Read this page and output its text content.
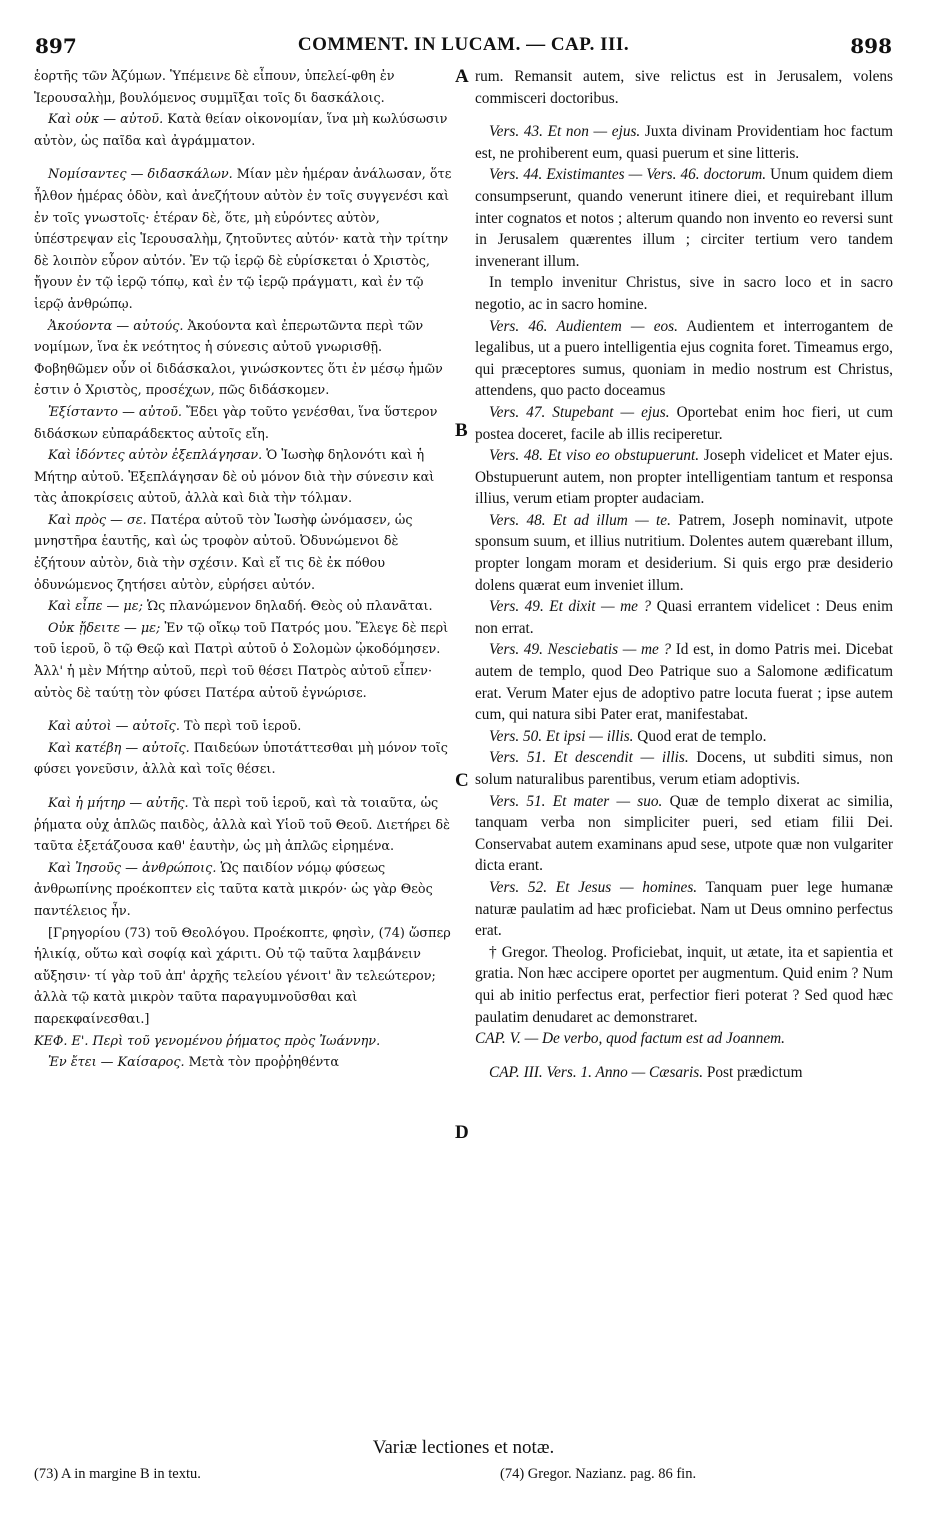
897	COMMENT. IN LUCAM. — CAP. III.	898

ἑορτῆς τῶν Ἀζύμων. Ὑπέμεινε δὲ εἶπουν, ὑπελεί-φθη ἐν Ἱερουσαλὴμ, βουλόμενος συμμῖξαι τοῖς δι δασκάλοις.

Καὶ οὐκ — αὐτοῦ. Κατὰ θείαν οἰκονομίαν, ἵνα μὴ κωλύσωσιν αὐτὸν, ὡς παῖδα καὶ ἀγράμματον.

Νομίσαντες — διδασκάλων. Μίαν μὲν ἡμέραν ἀνάλωσαν, ὅτε ἦλθον ἡμέρας ὁδὸν, καὶ ἀνεζήτουν αὐτὸν ἐν τοῖς συγγενέσι καὶ ἐν τοῖς γνωστοῖς· ἑτέραν δὲ, ὅτε, μὴ εὑρόντες αὐτὸν, ὑπέστρεψαν εἰς Ἱερουσαλὴμ, ζητοῦντες αὐτόν· κατὰ τὴν τρίτην δὲ λοιπὸν εὗρον αὐτόν. Ἐν τῷ ἱερῷ δὲ εὑρίσκεται ὁ Χριστὸς, ἤγουν ἐν τῷ ἱερῷ τόπῳ, καὶ ἐν τῷ ἱερῷ πράγματι, καὶ ἐν τῷ ἱερῷ ἀνθρώπῳ.

Ἀκούοντα — αὐτούς. Ἀκούοντα καὶ ἐπερωτῶντα περὶ τῶν νομίμων, ἵνα ἐκ νεότητος ἡ σύνεσις αὐτοῦ γνωρισθῇ. Φοβηθῶμεν οὖν οἱ διδάσκαλοι, γινώσκοντες ὅτι ἐν μέσῳ ἡμῶν ἐστιν ὁ Χριστὸς, προσέχων, πῶς διδάσκομεν.

Ἐξίσταντο — αὐτοῦ. Ἔδει γὰρ τοῦτο γενέσθαι, ἵνα ὕστερον διδάσκων εὐπαράδεκτος αὐτοῖς εἴη.

Καὶ ἰδόντες αὐτὸν ἐξεπλάγησαν. Ὁ Ἰωσὴφ δηλονότι καὶ ἡ Μήτηρ αὐτοῦ. Ἐξεπλάγησαν δὲ οὐ μόνον διὰ τὴν σύνεσιν καὶ τὰς ἀποκρίσεις αὐτοῦ, ἀλλὰ καὶ διὰ τὴν τόλμαν.

Καὶ πρὸς — σε. Πατέρα αὐτοῦ τὸν Ἰωσὴφ ὠνόμασεν, ὡς μνηστῆρα ἑαυτῆς, καὶ ὡς τροφὸν αὐτοῦ. Ὀδυνώμενοι δὲ ἐζήτουν αὐτὸν, διὰ τὴν σχέσιν. Καὶ εἴ τις δὲ ἐκ πόθου ὀδυνώμενος ζητήσει αὐτὸν, εὑρήσει αὐτόν.

Καὶ εἶπε — με; Ὡς πλανώμενον δηλαδή. Θεὸς οὐ πλανᾶται.

Οὐκ ᾔδειτε — με; Ἐν τῷ οἴκῳ τοῦ Πατρός μου. Ἔλεγε δὲ περὶ τοῦ ἱεροῦ, ὃ τῷ Θεῷ καὶ Πατρὶ αὐτοῦ ὁ Σολομὼν ᾠκοδόμησεν. Ἀλλ' ἡ μὲν Μήτηρ αὐτοῦ, περὶ τοῦ θέσει Πατρὸς αὐτοῦ εἶπεν· αὐτὸς δὲ ταύτῃ τὸν φύσει Πατέρα αὐτοῦ ἐγνώρισε.

Καὶ αὐτοὶ — αὐτοῖς. Τὸ περὶ τοῦ ἱεροῦ.

Καὶ κατέβη — αὐτοῖς. Παιδεύων ὑποτάττεσθαι μὴ μόνον τοῖς φύσει γονεῦσιν, ἀλλὰ καὶ τοῖς θέσει.

Καὶ ἡ μήτηρ — αὐτῆς. Τὰ περὶ τοῦ ἱεροῦ, καὶ τὰ τοιαῦτα, ὡς ῥήματα οὐχ ἁπλῶς παιδὸς, ἀλλὰ καὶ Υἱοῦ τοῦ Θεοῦ. Διετήρει δὲ ταῦτα ἐξετάζουσα καθ' ἑαυτὴν, ὡς μὴ ἁπλῶς εἰρημένα.

Καὶ Ἰησοῦς — ἀνθρώποις. Ὡς παιδίον νόμῳ φύσεως ἀνθρωπίνης προέκοπτεν εἰς ταῦτα κατὰ μικρόν· ὡς γὰρ Θεὸς παντέλειος ἦν.

[Γρηγορίου (73) τοῦ Θεολόγου. Προέκοπτε, φησὶν, (74) ὥσπερ ἡλικίᾳ, οὕτω καὶ σοφίᾳ καὶ χάριτι. Οὐ τῷ ταῦτα λαμβάνειν αὔξησιν· τί γὰρ τοῦ ἀπ' ἀρχῆς τελείου γένοιτ' ἂν τελεώτερον; ἀλλὰ τῷ κατὰ μικρὸν ταῦτα παραγυμνοῦσθαι καὶ παρεκφαίνεσθαι.]

ΚΕΦ. Ε'. Περὶ τοῦ γενομένου ῥήματος πρὸς Ἰωάννην.

Ἐν ἔτει — Καίσαρος. Μετὰ τὸν προῤῥηθέντα

A
B
C
D

rum. Remansit autem, sive relictus est in Jerusalem, volens commisceri doctoribus.

Vers. 43. Et non — ejus. Juxta divinam Providentiam hoc factum est, ne prohiberent eum, quasi puerum et sine litteris.

Vers. 44. Existimantes — Vers. 46. doctorum. Unum quidem diem consumpserunt, quando venerunt itinere diei, et requirebant illum inter cognatos et notos ; alterum quando non invento eo reversi sunt in Jerusalem quærentes illum ; circiter tertium vero tandem invenerant illum.

In templo invenitur Christus, sive in sacro loco et in sacro negotio, ac in sacro homine.

Vers. 46. Audientem — eos. Audientem et interrogantem de legalibus, ut a puero intelligentia ejus cognita foret. Timeamus ergo, qui præceptores sumus, quoniam in medio nostrum est Christus, attendens, quo pacto doceamus

Vers. 47. Stupebant — ejus. Oportebat enim hoc fieri, ut cum postea doceret, facile ab illis reciperetur.

Vers. 48. Et viso eo obstupuerunt. Joseph videlicet et Mater ejus. Obstupuerunt autem, non propter intelligentiam tantum et responsa illius, verum etiam propter audaciam.

Vers. 48. Et ad illum — te. Patrem, Joseph nominavit, utpote sponsum suum, et illius nutritium. Dolentes autem quærebant illum, propter longam moram et desiderium. Si quis ergo præ desiderio dolens quærat eum inveniet illum.

Vers. 49. Et dixit — me ? Quasi errantem videlicet : Deus enim non errat.

Vers. 49. Nesciebatis — me ? Id est, in domo Patris mei. Dicebat autem de templo, quod Deo Patrique suo a Salomone ædificatum erat. Verum Mater ejus de adoptivo patre locuta fuerat ; ipse autem cum, qui natura sibi Pater erat, manifestabat.

Vers. 50. Et ipsi — illis. Quod erat de templo.

Vers. 51. Et descendit — illis. Docens, ut subditi simus, non solum naturalibus parentibus, verum etiam adoptivis.

Vers. 51. Et mater — suo. Quæ de templo dixerat ac similia, tanquam verba non simpliciter pueri, sed etiam filii Dei. Conservabat autem examinans apud sese, utpote quæ non vulgariter dicta erant.

Vers. 52. Et Jesus — homines. Tanquam puer lege humanæ naturæ paulatim ad hæc proficiebat. Nam ut Deus omnino perfectus erat.

† Gregor. Theolog. Proficiebat, inquit, ut ætate, ita et sapientia et gratia. Non hæc accipere oportet per augmentum. Quid enim ? Num qui ab initio perfectus erat, perfectior fieri poterat ? Sed quod hæc paulatim denudaret ac demonstraret.

CAP. V. — De verbo, quod factum est ad Joannem.

CAP. III. Vers. 1. Anno — Cæsaris. Post prædictum

Variæ lectiones et notæ.
(73) A in margine B in textu.	(74) Gregor. Nazianz. pag. 86 fin.
